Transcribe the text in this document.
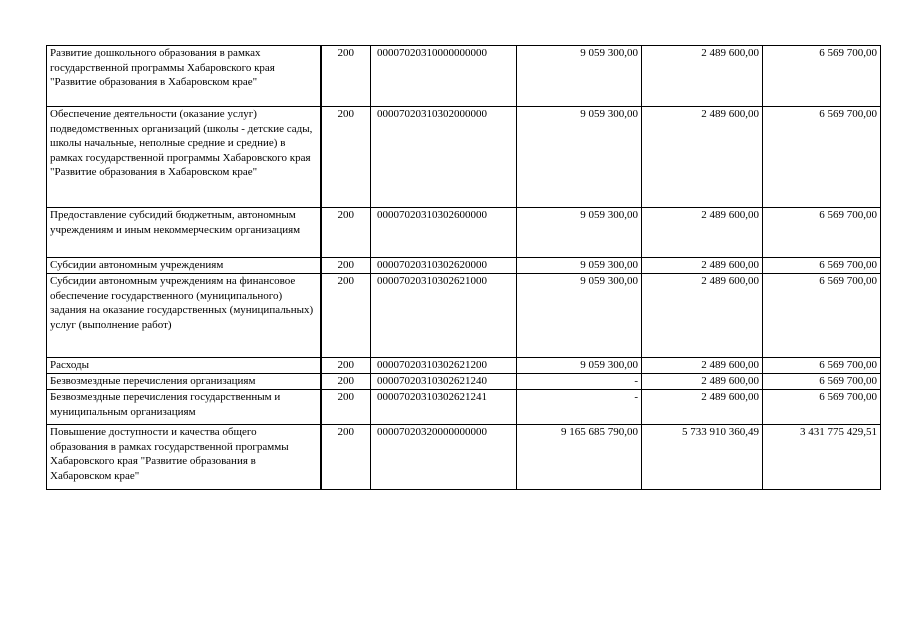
Развитие дошкольного образования в рамках государственной программы Хабаровского края "Развитие образования в Хабаровском крае"	200	00007020310000000000	9 059 300,00	2 489 600,00	6 569 700,00
Обеспечение деятельности (оказание услуг) подведомственных организаций (школы - детские сады, школы начальные, неполные средние и средние) в рамках государственной программы Хабаровского края "Развитие образования в Хабаровском крае"	200	00007020310302000000	9 059 300,00	2 489 600,00	6 569 700,00
Предоставление субсидий бюджетным, автономным учреждениям и иным некоммерческим организациям	200	00007020310302600000	9 059 300,00	2 489 600,00	6 569 700,00
Субсидии автономным учреждениям	200	00007020310302620000	9 059 300,00	2 489 600,00	6 569 700,00
Субсидии автономным учреждениям на финансовое обеспечение государственного (муниципального) задания на оказание государственных (муниципальных) услуг (выполнение работ)	200	00007020310302621000	9 059 300,00	2 489 600,00	6 569 700,00
Расходы	200	00007020310302621200	9 059 300,00	2 489 600,00	6 569 700,00
Безвозмездные перечисления организациям	200	00007020310302621240	-	2 489 600,00	6 569 700,00
Безвозмездные перечисления государственным и муниципальным организациям	200	00007020310302621241	-	2 489 600,00	6 569 700,00
Повышение доступности и качества общего образования в рамках государственной программы Хабаровского края "Развитие образования в Хабаровском крае"	200	00007020320000000000	9 165 685 790,00	5 733 910 360,49	3 431 775 429,51
